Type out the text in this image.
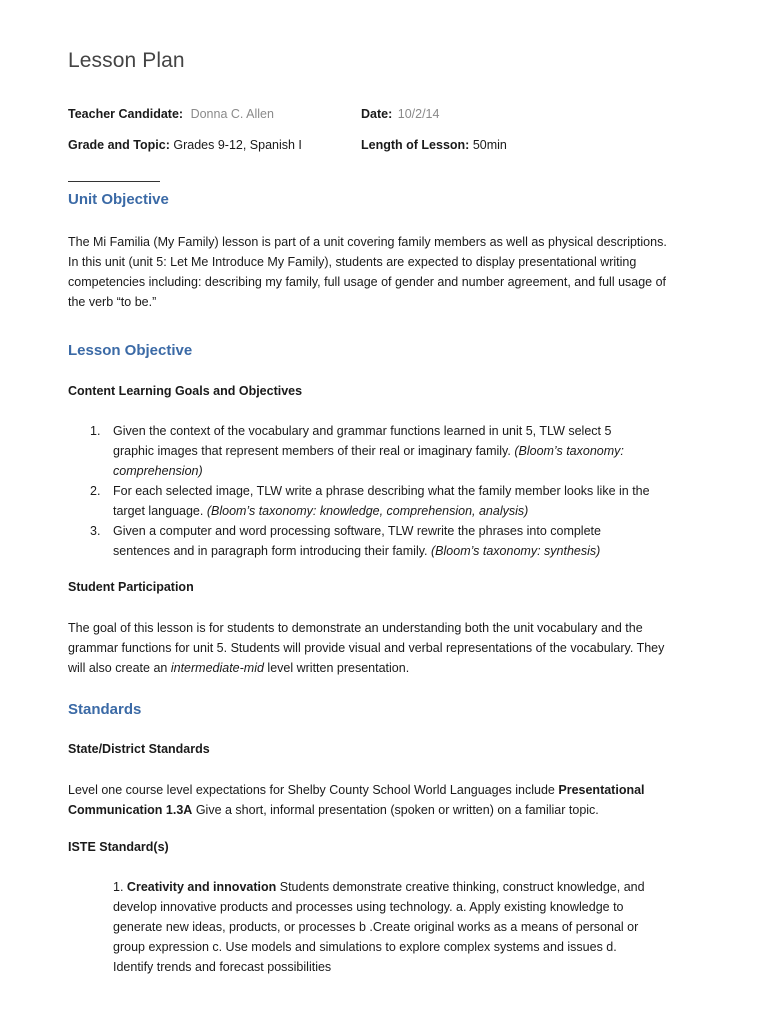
Lesson Plan
Teacher Candidate: Donna C. Allen	Date: 10/2/14
Grade and Topic: Grades 9-12, Spanish I	Length of Lesson: 50min
Unit Objective
The Mi Familia (My Family) lesson is part of a unit covering family members as well as physical descriptions. In this unit (unit 5: Let Me Introduce My Family), students are expected to display presentational writing competencies including: describing my family, full usage of gender and number agreement, and full usage of the verb “to be.”
Lesson Objective
Content Learning Goals and Objectives
1. Given the context of the vocabulary and grammar functions learned in unit 5, TLW select 5 graphic images that represent members of their real or imaginary family. (Bloom’s taxonomy: comprehension)
2. For each selected image, TLW write a phrase describing what the family member looks like in the target language. (Bloom’s taxonomy: knowledge, comprehension, analysis)
3. Given a computer and word processing software, TLW rewrite the phrases into complete sentences and in paragraph form introducing their family. (Bloom’s taxonomy: synthesis)
Student Participation
The goal of this lesson is for students to demonstrate an understanding both the unit vocabulary and the grammar functions for unit 5. Students will provide visual and verbal representations of the vocabulary. They will also create an intermediate-mid level written presentation.
Standards
State/District Standards
Level one course level expectations for Shelby County School World Languages include Presentational Communication 1.3A Give a short, informal presentation (spoken or written) on a familiar topic.
ISTE Standard(s)
1. Creativity and innovation Students demonstrate creative thinking, construct knowledge, and develop innovative products and processes using technology. a. Apply existing knowledge to generate new ideas, products, or processes b .Create original works as a means of personal or group expression c. Use models and simulations to explore complex systems and issues d. Identify trends and forecast possibilities
